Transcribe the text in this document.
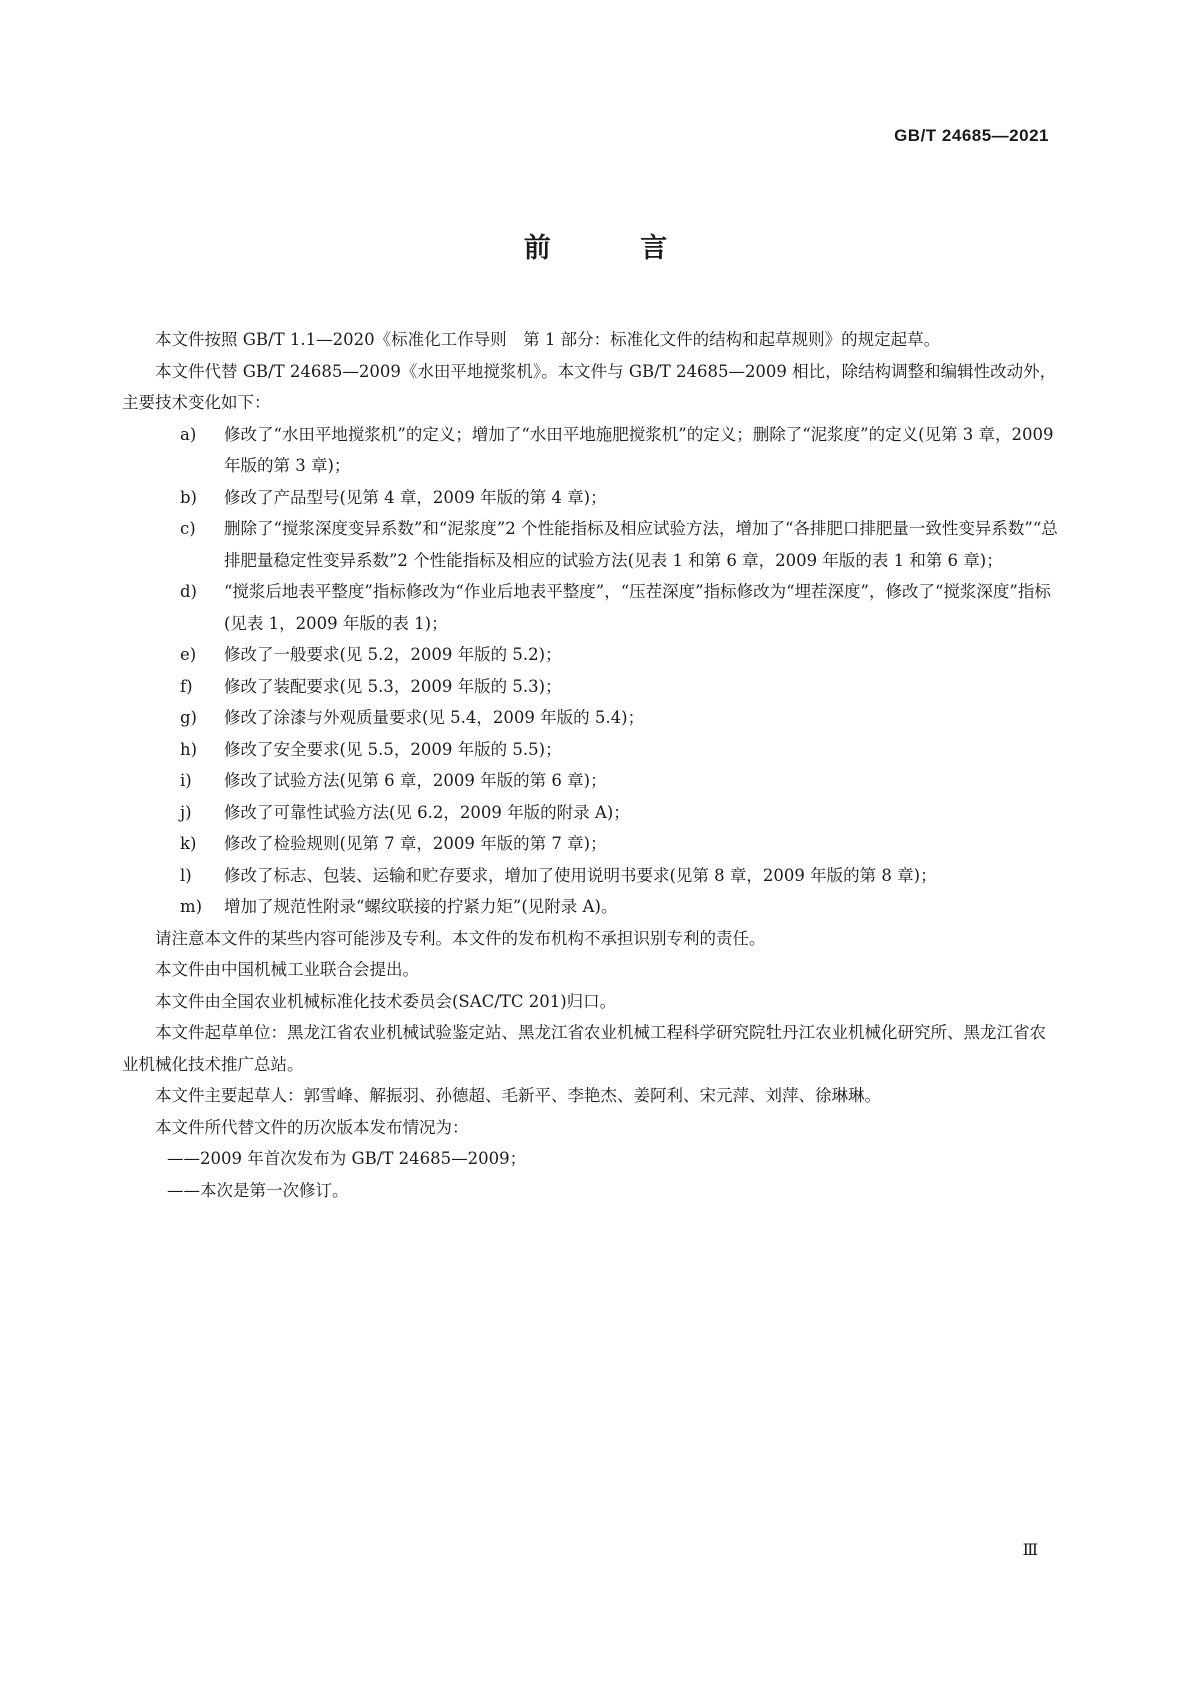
GB/T 24685—2021
前 言

本文件按照 GB/T 1.1—2020《标准化工作导则　第 1 部分：标准化文件的结构和起草规则》的规定起草。

本文件代替 GB/T 24685—2009《水田平地搅浆机》。本文件与 GB/T 24685—2009 相比，除结构调整和编辑性改动外，主要技术变化如下：

a)	修改了“水田平地搅浆机”的定义；增加了“水田平地施肥搅浆机”的定义；删除了“泥浆度”的定义(见第 3 章，2009 年版的第 3 章)；
b)	修改了产品型号(见第 4 章，2009 年版的第 4 章)；
c)	删除了“搅浆深度变异系数”和“泥浆度”2 个性能指标及相应试验方法，增加了“各排肥口排肥量一致性变异系数”“总排肥量稳定性变异系数”2 个性能指标及相应的试验方法(见表 1 和第 6 章，2009 年版的表 1 和第 6 章)；
d)	“搅浆后地表平整度”指标修改为“作业后地表平整度”，“压茬深度”指标修改为“埋茬深度”，修改了“搅浆深度”指标(见表 1，2009 年版的表 1)；
e)	修改了一般要求(见 5.2，2009 年版的 5.2)；
f)	修改了装配要求(见 5.3，2009 年版的 5.3)；
g)	修改了涂漆与外观质量要求(见 5.4，2009 年版的 5.4)；
h)	修改了安全要求(见 5.5，2009 年版的 5.5)；
i)	修改了试验方法(见第 6 章，2009 年版的第 6 章)；
j)	修改了可靠性试验方法(见 6.2，2009 年版的附录 A)；
k)	修改了检验规则(见第 7 章，2009 年版的第 7 章)；
l)	修改了标志、包装、运输和贮存要求，增加了使用说明书要求(见第 8 章，2009 年版的第 8 章)；
m)	增加了规范性附录“螺纹联接的拧紧力矩”(见附录 A)。

请注意本文件的某些内容可能涉及专利。本文件的发布机构不承担识别专利的责任。

本文件由中国机械工业联合会提出。

本文件由全国农业机械标准化技术委员会(SAC/TC 201)归口。

本文件起草单位：黑龙江省农业机械试验鉴定站、黑龙江省农业机械工程科学研究院牡丹江农业机械化研究所、黑龙江省农业机械化技术推广总站。

本文件主要起草人：郭雪峰、解振羽、孙德超、毛新平、李艳杰、姜阿利、宋元萍、刘萍、徐琳琳。

本文件所代替文件的历次版本发布情况为：

——2009 年首次发布为 GB/T 24685—2009；

——本次是第一次修订。

Ⅲ
